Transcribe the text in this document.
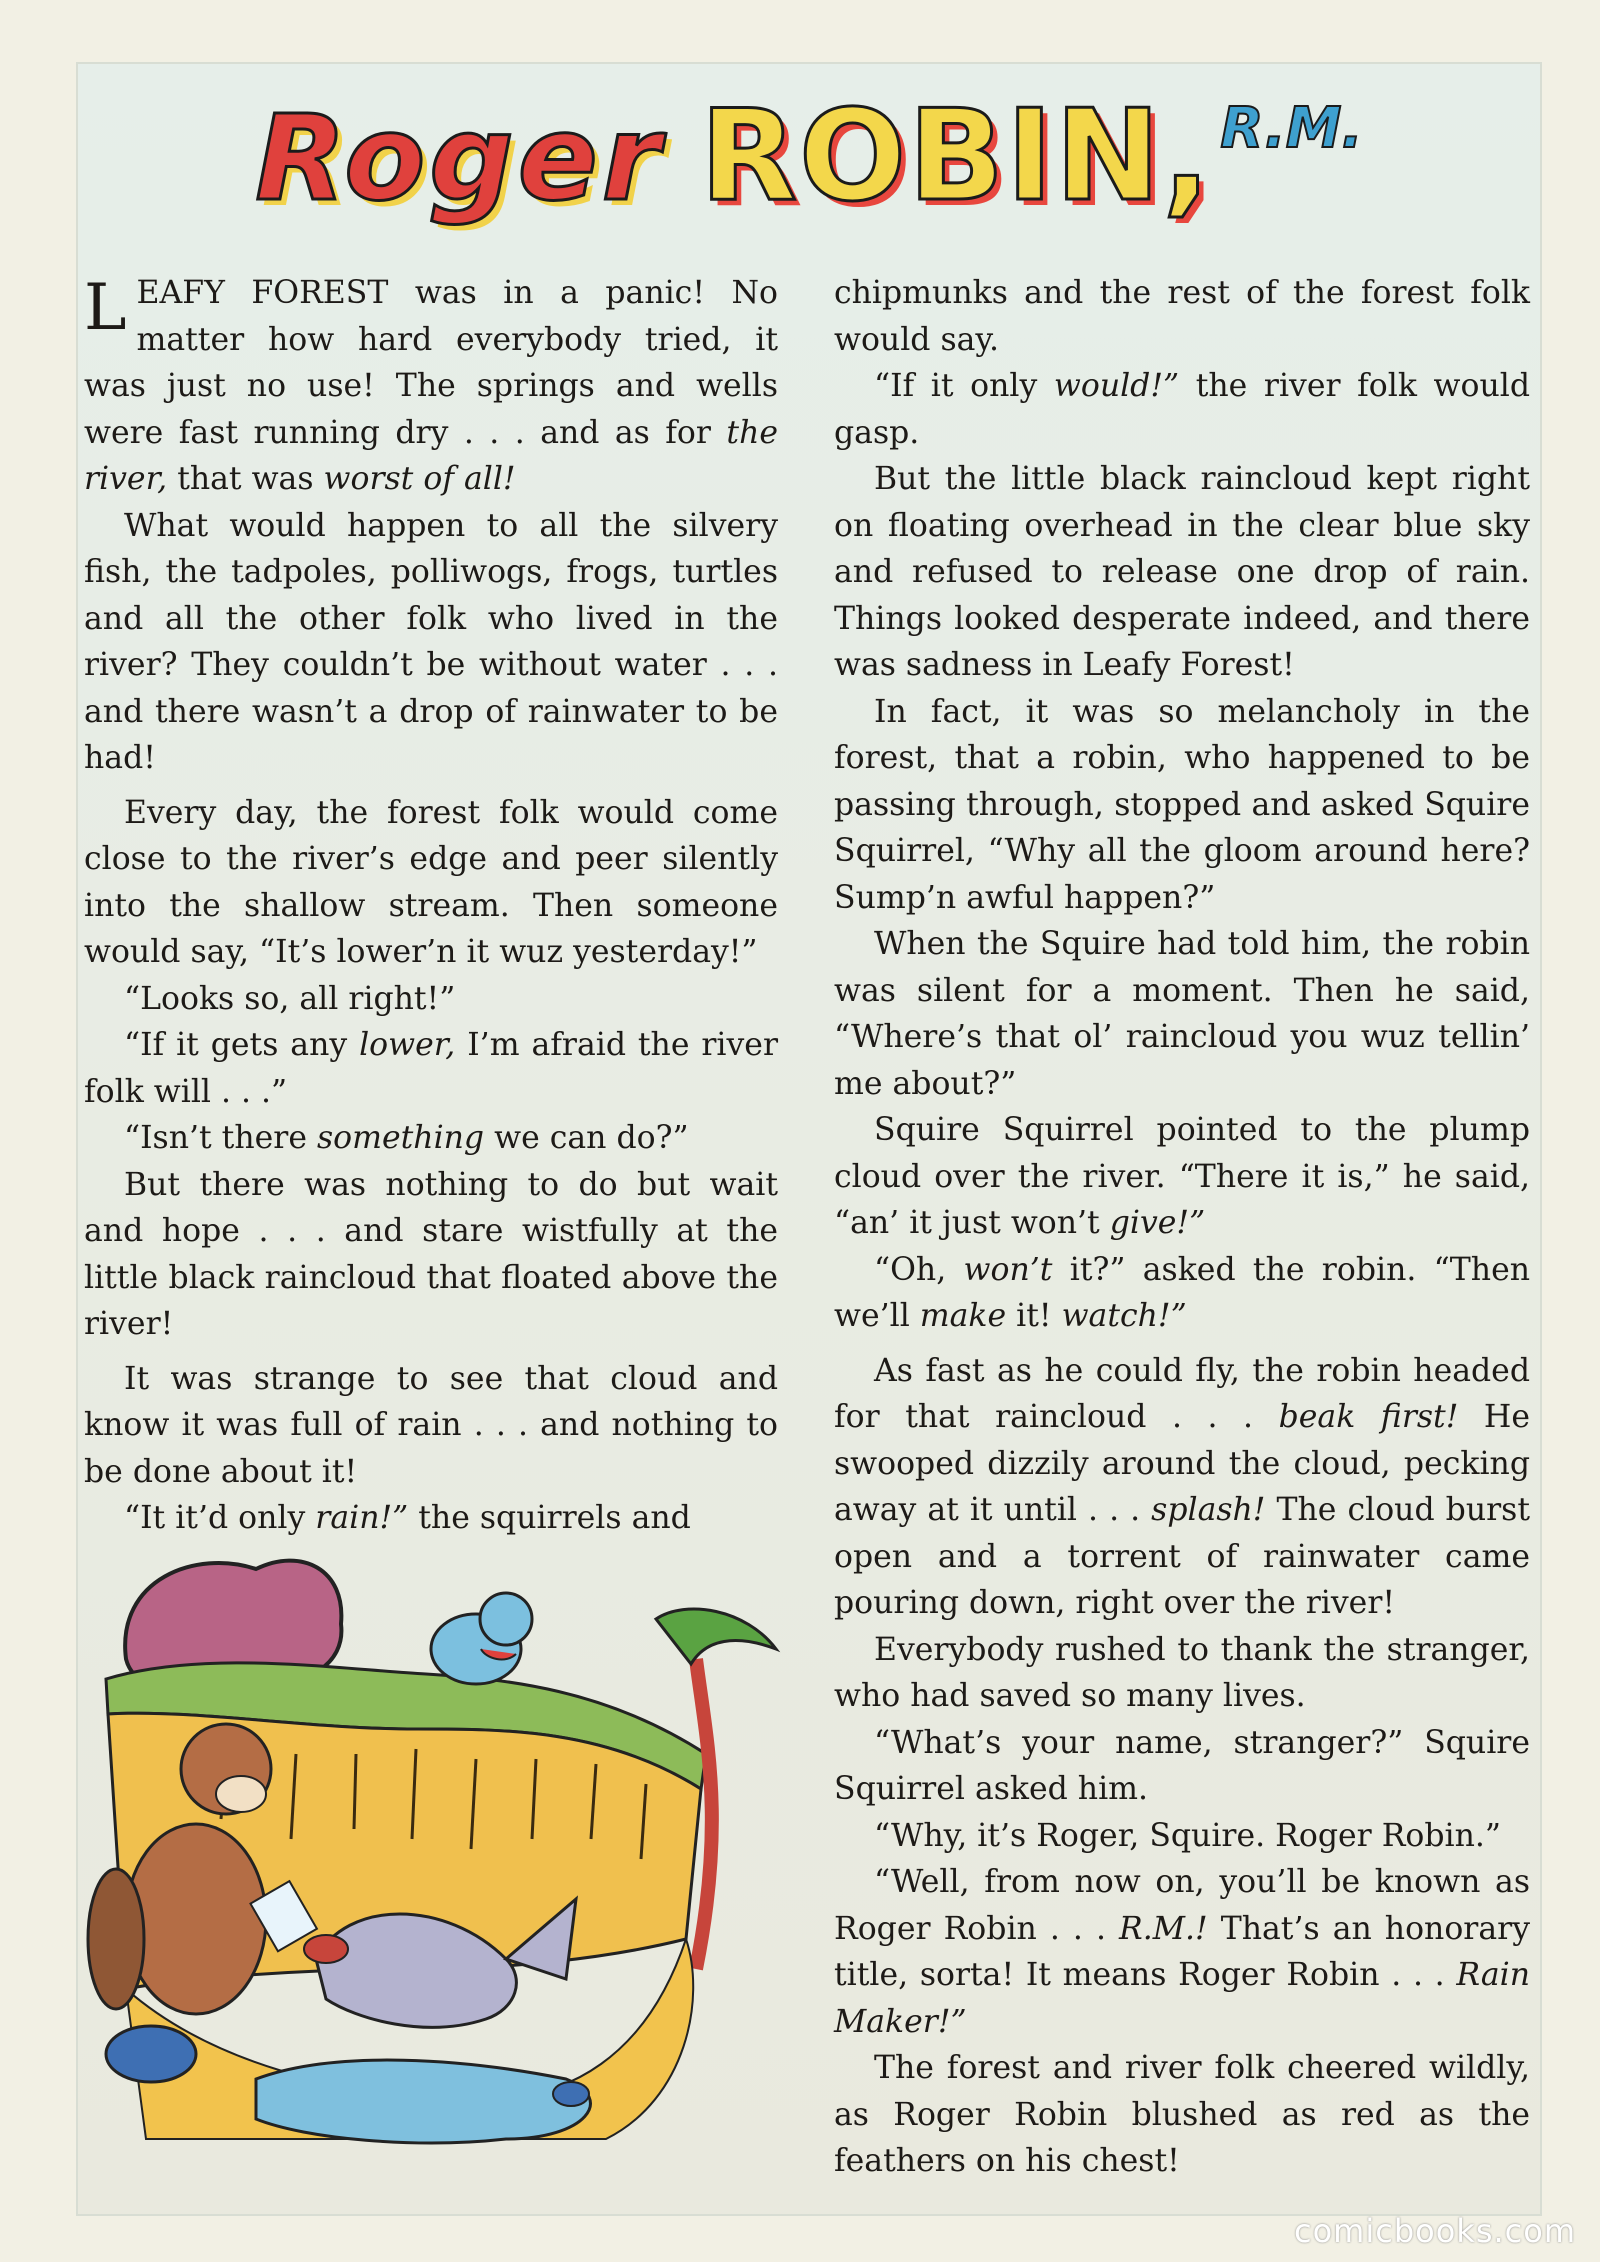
Roger ROBIN, R.M.

LEAFY FOREST was in a panic! No matter how hard everybody tried, it was just no use! The springs and wells were fast running dry . . . and as for the river, that was worst of all!

What would happen to all the silvery fish, the tadpoles, polliwogs, frogs, turtles and all the other folk who lived in the river? They couldn’t be without water . . . and there wasn’t a drop of rainwater to be had!

Every day, the forest folk would come close to the river’s edge and peer silently into the shallow stream. Then someone would say, “It’s lower’n it wuz yesterday!”

“Looks so, all right!”

“If it gets any lower, I’m afraid the river folk will . . .”

“Isn’t there something we can do?”

But there was nothing to do but wait and hope . . . and stare wistfully at the little black raincloud that floated above the river!

It was strange to see that cloud and know it was full of rain . . . and nothing to be done about it!

“It it’d only rain!” the squirrels and

chipmunks and the rest of the forest folk would say.

“If it only would!” the river folk would gasp.

But the little black raincloud kept right on floating overhead in the clear blue sky and refused to release one drop of rain. Things looked desperate indeed, and there was sadness in Leafy Forest!

In fact, it was so melancholy in the forest, that a robin, who happened to be passing through, stopped and asked Squire Squirrel, “Why all the gloom around here? Sump’n awful happen?”

When the Squire had told him, the robin was silent for a moment. Then he said, “Where’s that ol’ raincloud you wuz tellin’ me about?”

Squire Squirrel pointed to the plump cloud over the river. “There it is,” he said, “an’ it just won’t give!”

“Oh, won’t it?” asked the robin. “Then we’ll make it! watch!”

As fast as he could fly, the robin headed for that raincloud . . . beak first! He swooped dizzily around the cloud, pecking away at it until . . . splash! The cloud burst open and a torrent of rainwater came pouring down, right over the river!

Everybody rushed to thank the stranger, who had saved so many lives.

“What’s your name, stranger?” Squire Squirrel asked him.

“Why, it’s Roger, Squire. Roger Robin.”

“Well, from now on, you’ll be known as Roger Robin . . . R.M.! That’s an honorary title, sorta! It means Roger Robin . . . Rain Maker!”

The forest and river folk cheered wildly, as Roger Robin blushed as red as the feathers on his chest!

comicbooks.com
